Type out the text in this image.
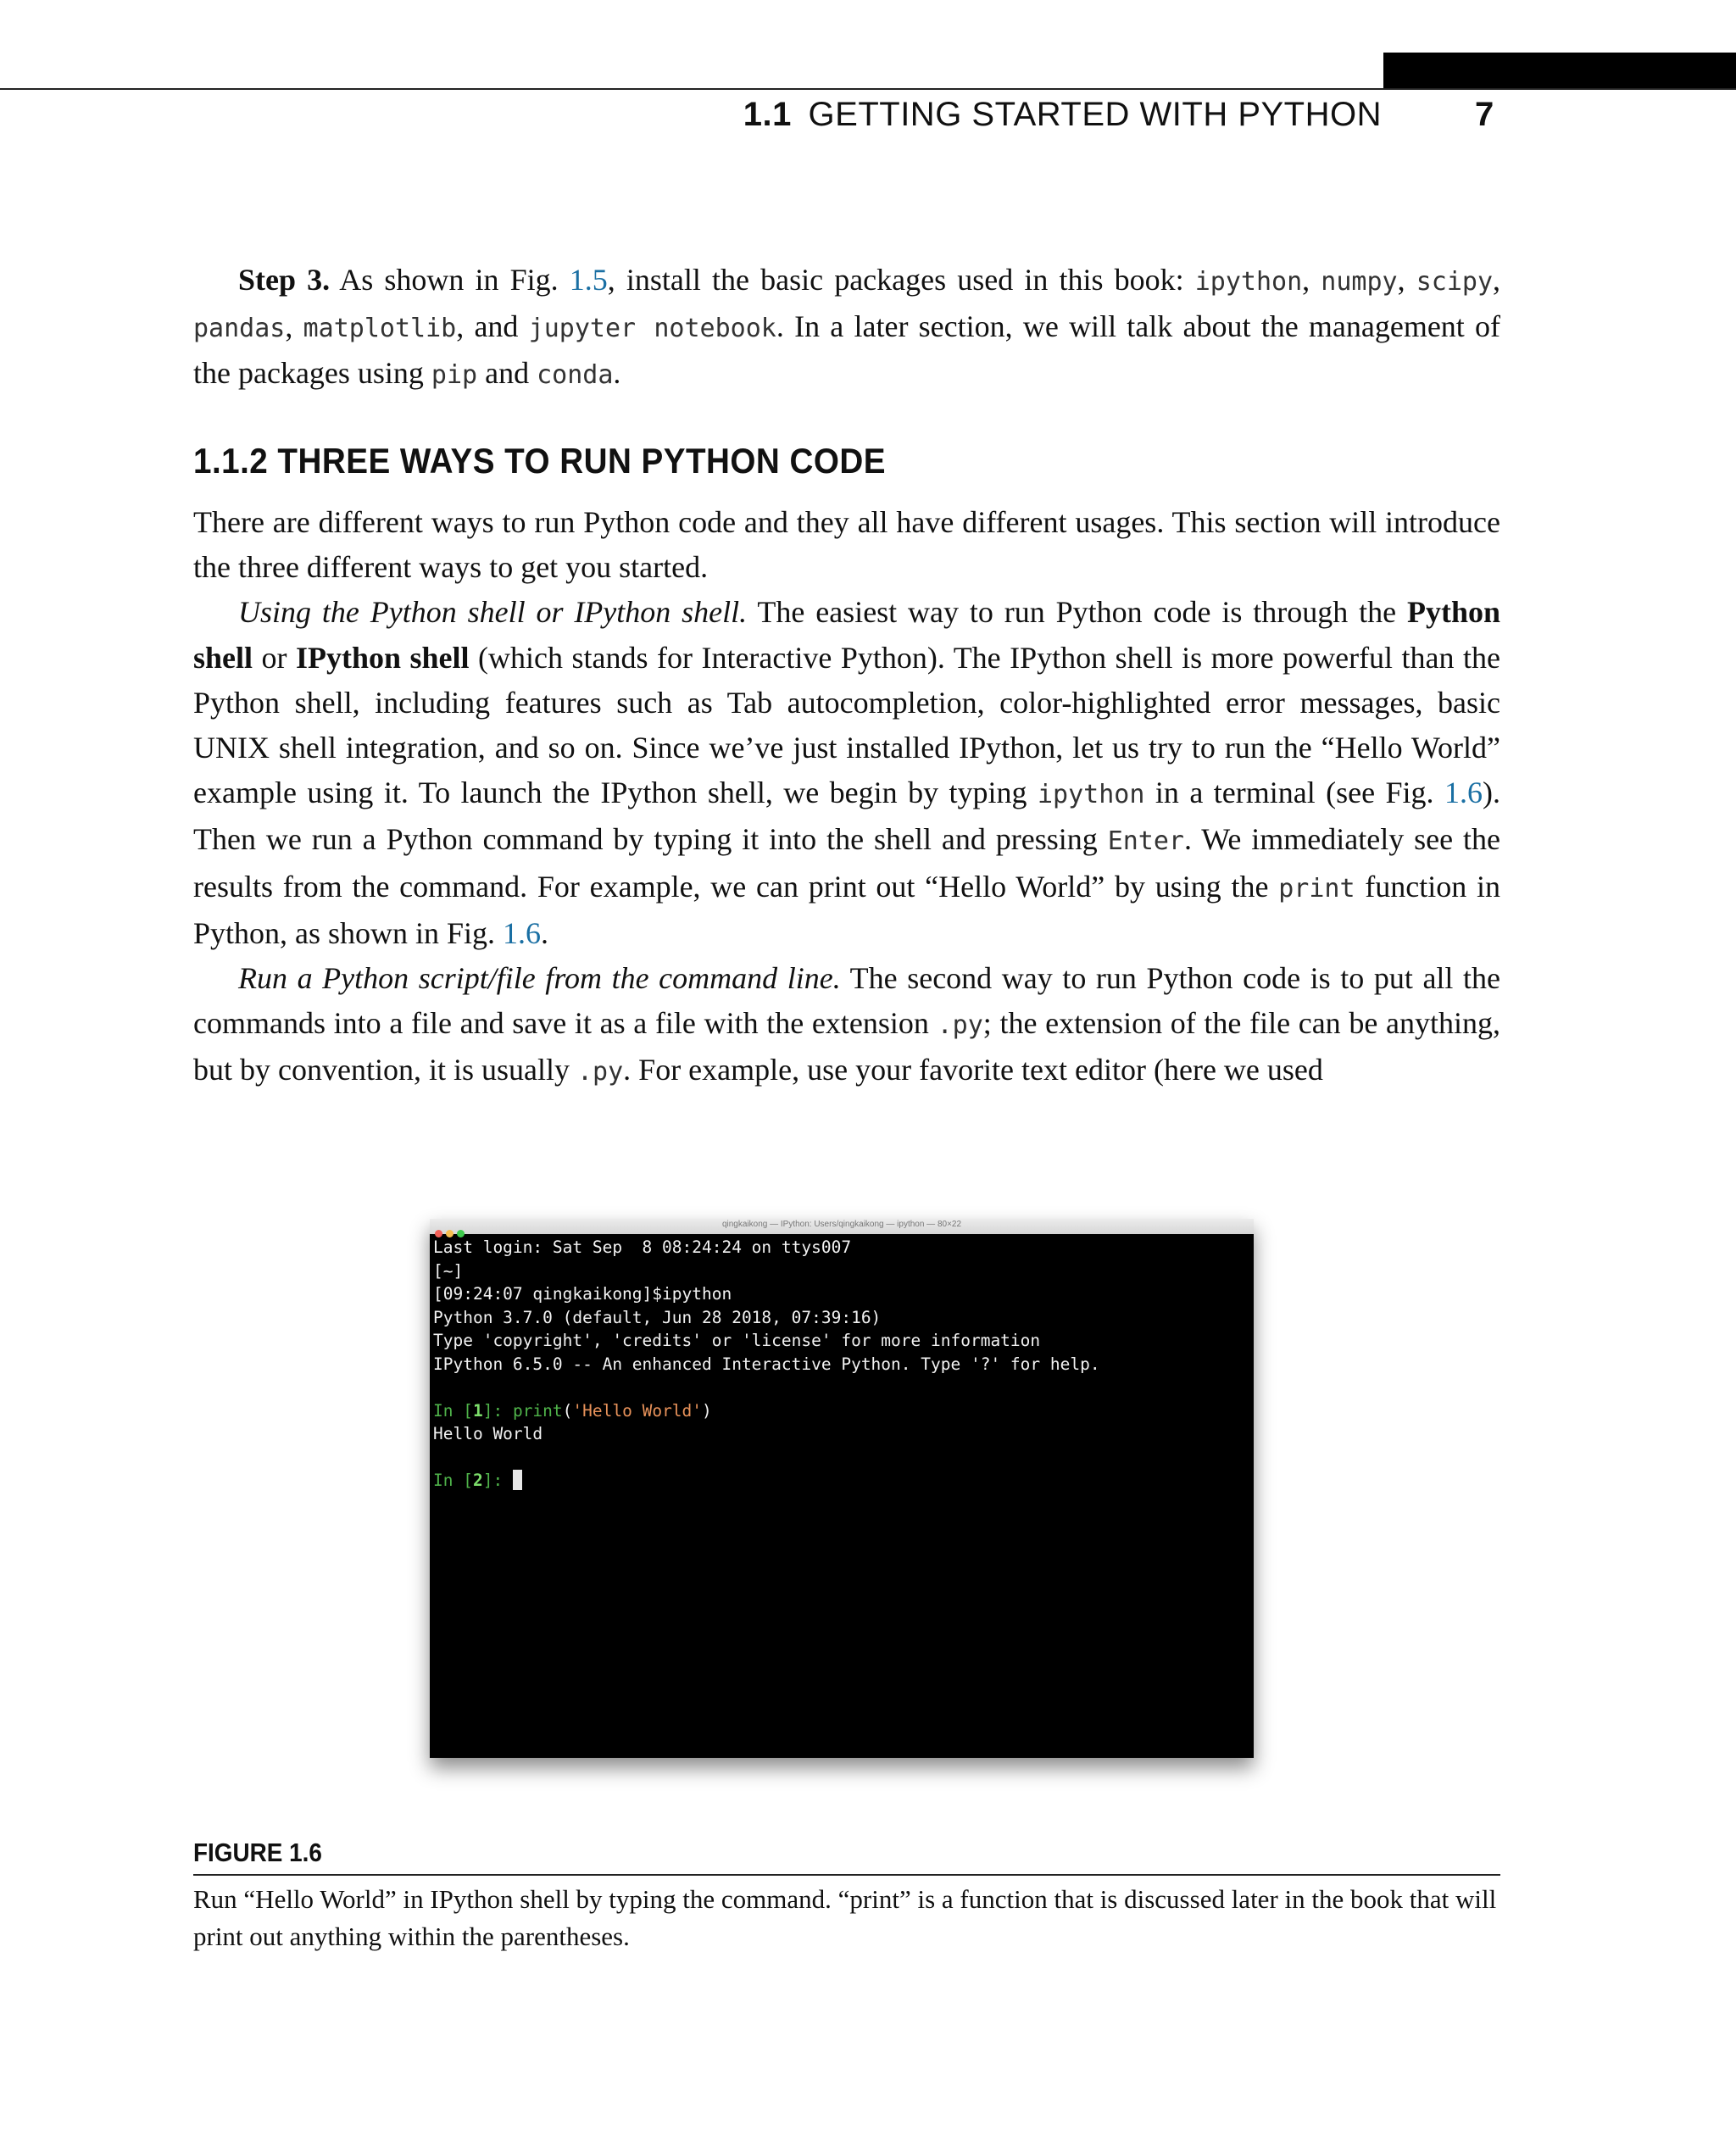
1.1 GETTING STARTED WITH PYTHON	7

Step 3. As shown in Fig. 1.5, install the basic packages used in this book: ipython, numpy, scipy, pandas, matplotlib, and jupyter notebook. In a later section, we will talk about the management of the packages using pip and conda.

1.1.2 THREE WAYS TO RUN PYTHON CODE

There are different ways to run Python code and they all have different usages. This section will introduce the three different ways to get you started.

Using the Python shell or IPython shell. The easiest way to run Python code is through the Python shell or IPython shell (which stands for Interactive Python). The IPython shell is more powerful than the Python shell, including features such as Tab autocompletion, color-highlighted error messages, basic UNIX shell integration, and so on. Since we’ve just installed IPython, let us try to run the “Hello World” example using it. To launch the IPython shell, we begin by typing ipython in a terminal (see Fig. 1.6). Then we run a Python command by typing it into the shell and pressing Enter. We immediately see the results from the command. For example, we can print out “Hello World” by using the print function in Python, as shown in Fig. 1.6.

Run a Python script/file from the command line. The second way to run Python code is to put all the commands into a file and save it as a file with the extension .py; the extension of the file can be anything, but by convention, it is usually .py. For example, use your favorite text editor (here we used

qingkaikong — IPython: Users/qingkaikong — ipython — 80×22
Last login: Sat Sep  8 08:24:24 on ttys007
[~]
[09:24:07 qingkaikong]$ipython
Python 3.7.0 (default, Jun 28 2018, 07:39:16)
Type 'copyright', 'credits' or 'license' for more information
IPython 6.5.0 -- An enhanced Interactive Python. Type '?' for help.

In [1]: print('Hello World')
Hello World

In [2]:
FIGURE 1.6
Run “Hello World” in IPython shell by typing the command. “print” is a function that is discussed later in the book that will print out anything within the parentheses.
